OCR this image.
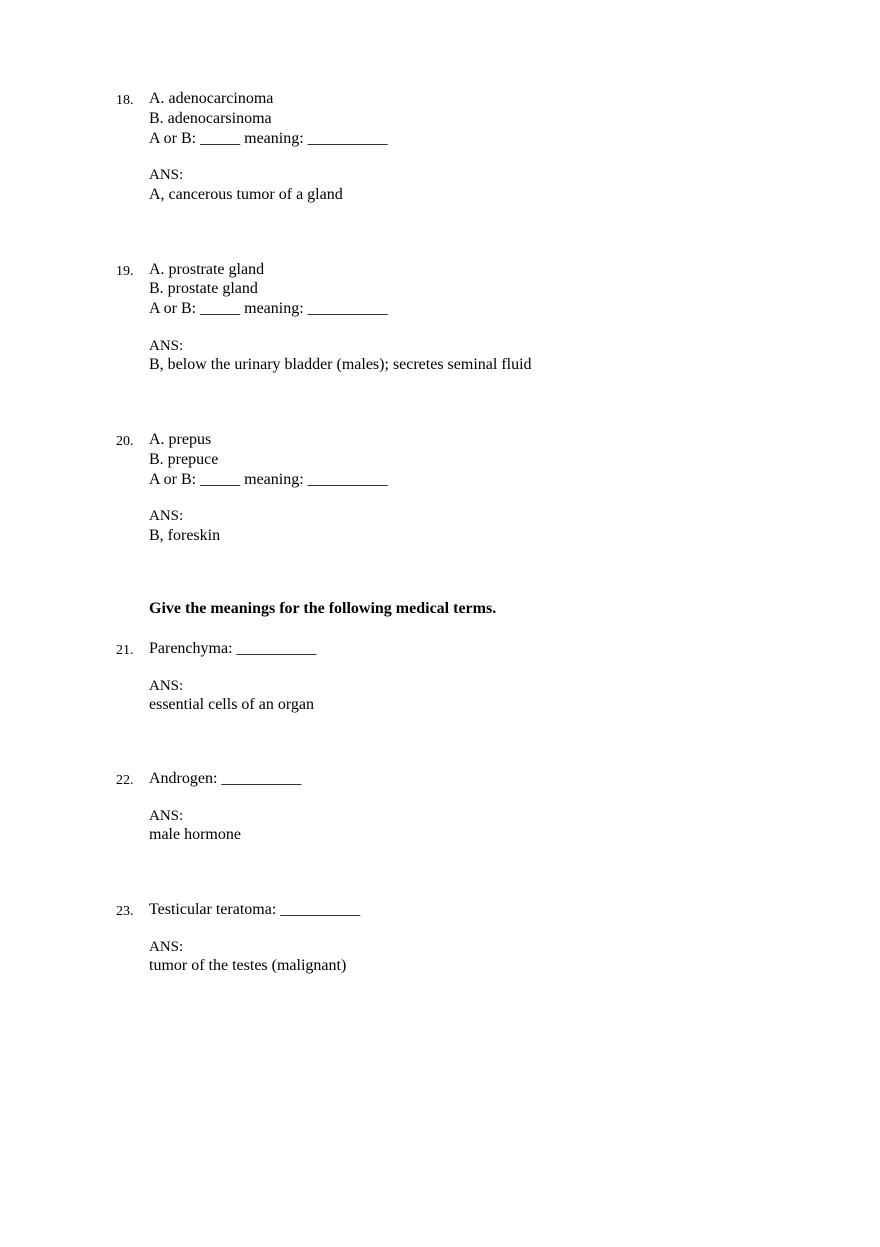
18. A. adenocarcinoma
B. adenocarsinoma
A or B: _____ meaning: __________
ANS:
A, cancerous tumor of a gland
19. A. prostrate gland
B. prostate gland
A or B: _____ meaning: __________
ANS:
B, below the urinary bladder (males); secretes seminal fluid
20. A. prepus
B. prepuce
A or B: _____ meaning: __________
ANS:
B, foreskin
Give the meanings for the following medical terms.
21. Parenchyma: __________
ANS:
essential cells of an organ
22. Androgen: __________
ANS:
male hormone
23. Testicular teratoma: __________
ANS:
tumor of the testes (malignant)
